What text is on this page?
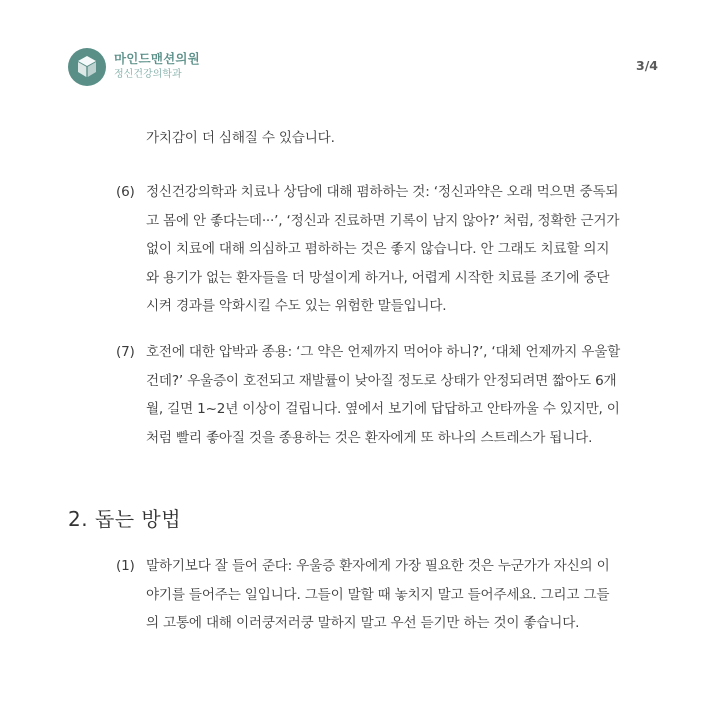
마인드맨션의원
정신건강의학과
3/4
가치감이 더 심해질 수 있습니다.
(6) 정신건강의학과 치료나 상담에 대해 폄하하는 것: ‘정신과약은 오래 먹으면 중독되
고 몸에 안 좋다는데···’, ‘정신과 진료하면 기록이 남지 않아?’ 처럼, 정확한 근거가
없이 치료에 대해 의심하고 폄하하는 것은 좋지 않습니다. 안 그래도 치료할 의지
와 용기가 없는 환자들을 더 망설이게 하거나, 어렵게 시작한 치료를 조기에 중단
시켜 경과를 악화시킬 수도 있는 위험한 말들입니다.
(7) 호전에 대한 압박과 종용: ‘그 약은 언제까지 먹어야 하니?’, ‘대체 언제까지 우울할
건데?’ 우울증이 호전되고 재발률이 낮아질 정도로 상태가 안정되려면 짧아도 6개
월, 길면 1~2년 이상이 걸립니다. 옆에서 보기에 답답하고 안타까울 수 있지만, 이
처럼 빨리 좋아질 것을 종용하는 것은 환자에게 또 하나의 스트레스가 됩니다.
2. 돕는 방법
(1) 말하기보다 잘 들어 준다: 우울증 환자에게 가장 필요한 것은 누군가가 자신의 이
야기를 들어주는 일입니다. 그들이 말할 때 놓치지 말고 들어주세요. 그리고 그들
의 고통에 대해 이러쿵저러쿵 말하지 말고 우선 듣기만 하는 것이 좋습니다.
